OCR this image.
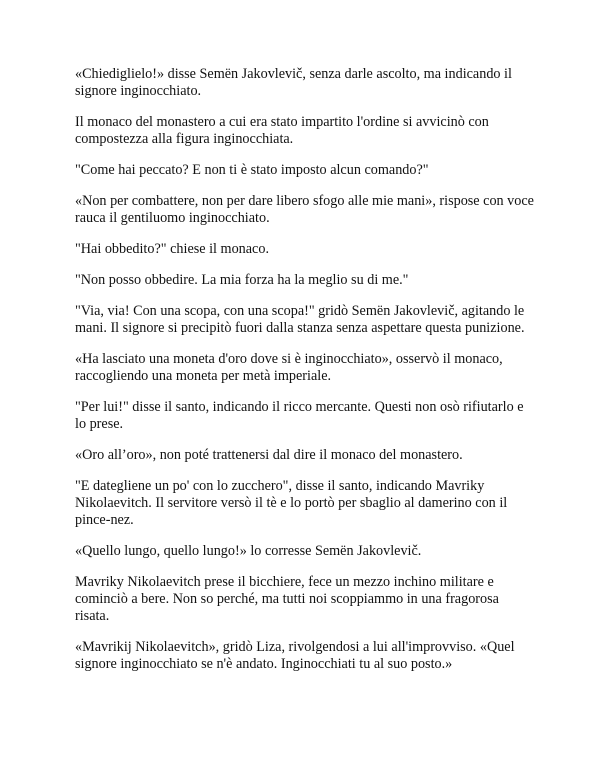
«Chiediglielo!» disse Semën Jakovlevič, senza darle ascolto, ma indicando il signore inginocchiato.

Il monaco del monastero a cui era stato impartito l'ordine si avvicinò con compostezza alla figura inginocchiata.

"Come hai peccato? E non ti è stato imposto alcun comando?"

«Non per combattere, non per dare libero sfogo alle mie mani», rispose con voce rauca il gentiluomo inginocchiato.

"Hai obbedito?" chiese il monaco.

"Non posso obbedire. La mia forza ha la meglio su di me."

"Via, via! Con una scopa, con una scopa!" gridò Semën Jakovlevič, agitando le mani. Il signore si precipitò fuori dalla stanza senza aspettare questa punizione.

«Ha lasciato una moneta d'oro dove si è inginocchiato», osservò il monaco, raccogliendo una moneta per metà imperiale.

"Per lui!" disse il santo, indicando il ricco mercante. Questi non osò rifiutarlo e lo prese.

«Oro all’oro», non poté trattenersi dal dire il monaco del monastero.

"E dategliene un po' con lo zucchero", disse il santo, indicando Mavriky Nikolaevitch. Il servitore versò il tè e lo portò per sbaglio al damerino con il pince-nez.

«Quello lungo, quello lungo!» lo corresse Semën Jakovlevič.

Mavriky Nikolaevitch prese il bicchiere, fece un mezzo inchino militare e cominciò a bere. Non so perché, ma tutti noi scoppiammo in una fragorosa risata.

«Mavrikij Nikolaevitch», gridò Liza, rivolgendosi a lui all'improvviso. «Quel signore inginocchiato se n'è andato. Inginocchiati tu al suo posto.»
